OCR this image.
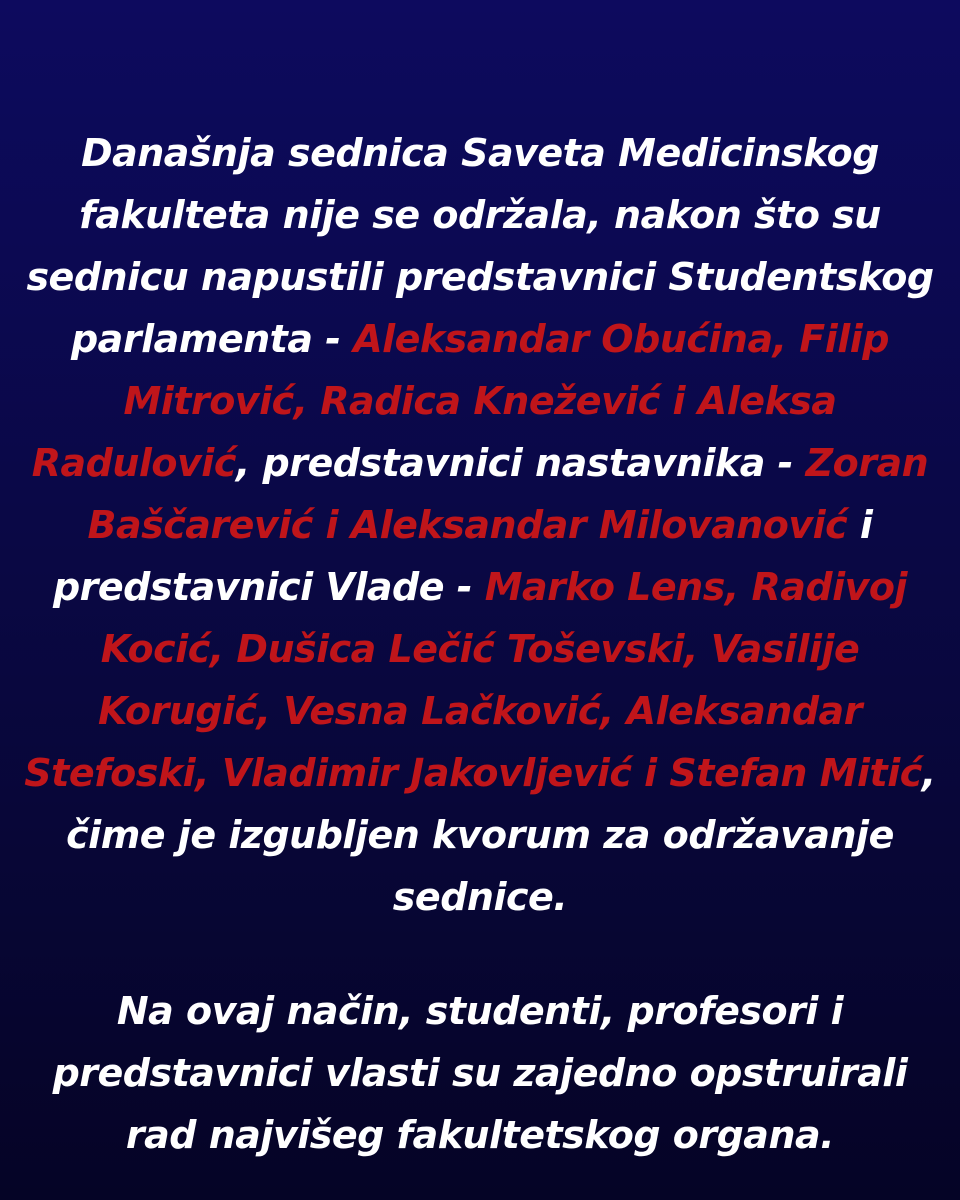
Današnja sednica Saveta Medicinskog fakulteta nije se održala, nakon što su sednicu napustili predstavnici Studentskog parlamenta - Aleksandar Obućina, Filip Mitrović, Radica Knežević i Aleksa Radulović, predstavnici nastavnika - Zoran Baščarević i Aleksandar Milovanović i predstavnici Vlade - Marko Lens, Radivoj Kocić, Dušica Lečić Toševski, Vasilije Korugić, Vesna Lačković, Aleksandar Stefoski, Vladimir Jakovljević i Stefan Mitić, čime je izgubljen kvorum za održavanje sednice.

Na ovaj način, studenti, profesori i predstavnici vlasti su zajedno opstruirali rad najvišeg fakultetskog organa.
